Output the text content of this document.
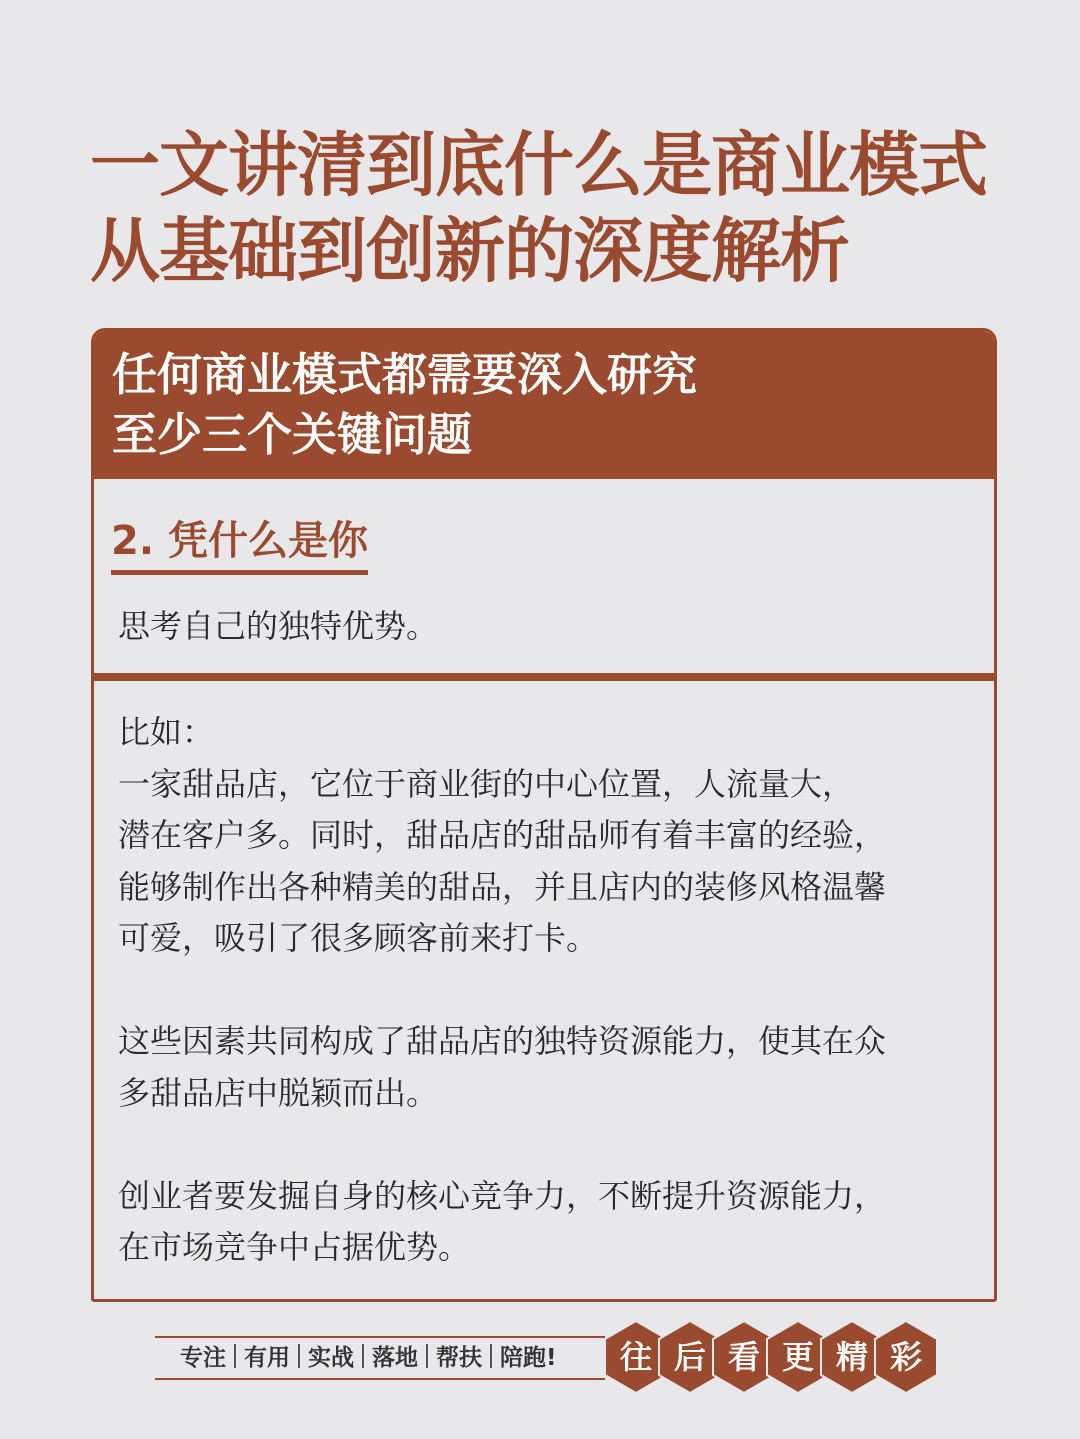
一文讲清到底什么是商业模式
从基础到创新的深度解析
任何商业模式都需要深入研究
至少三个关键问题
2. 凭什么是你
思考自己的独特优势。

比如：

一家甜品店，它位于商业街的中心位置，人流量大，

潜在客户多。同时，甜品店的甜品师有着丰富的经验，

能够制作出各种精美的甜品，并且店内的装修风格温馨

可爱，吸引了很多顾客前来打卡。

这些因素共同构成了甜品店的独特资源能力，使其在众

多甜品店中脱颖而出。

创业者要发掘自身的核心竞争力，不断提升资源能力，

在市场竞争中占据优势。

专注 有用 实战 落地 帮扶 陪跑!	往 后 看 更 精 彩
